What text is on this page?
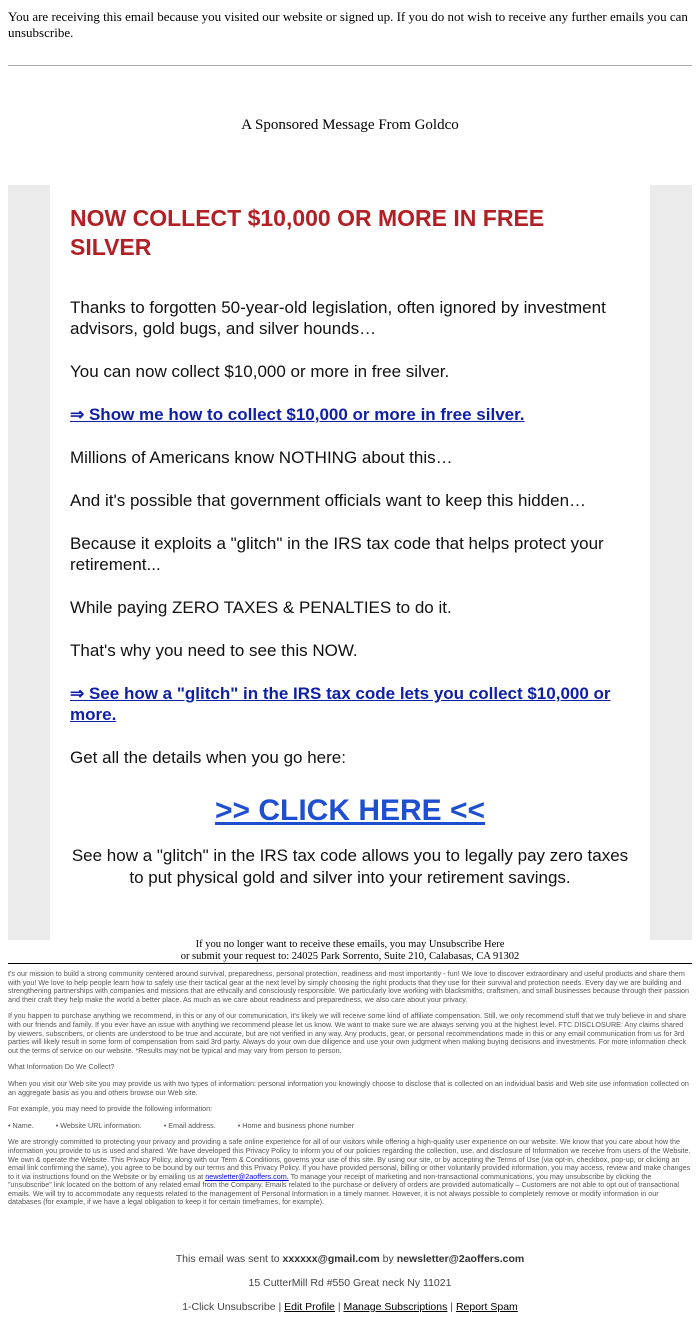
You are receiving this email because you visited our website or signed up. If you do not wish to receive any further emails you can unsubscribe.
A Sponsored Message From Goldco
NOW COLLECT $10,000 OR MORE IN FREE SILVER

Thanks to forgotten 50-year-old legislation, often ignored by investment advisors, gold bugs, and silver hounds…

You can now collect $10,000 or more in free silver.

⇒ Show me how to collect $10,000 or more in free silver.

Millions of Americans know NOTHING about this…

And it's possible that government officials want to keep this hidden…

Because it exploits a "glitch" in the IRS tax code that helps protect your retirement...

While paying ZERO TAXES & PENALTIES to do it.

That's why you need to see this NOW.

⇒ See how a "glitch" in the IRS tax code lets you collect $10,000 or more.

Get all the details when you go here:

>> CLICK HERE <<

See how a "glitch" in the IRS tax code allows you to legally pay zero taxes to put physical gold and silver into your retirement savings.

If you no longer want to receive these emails, you may Unsubscribe Here
or submit your request to: 24025 Park Sorrento, Suite 210, Calabasas, CA 91302

t's our mission to build a strong community centered around survival, preparedness, personal protection, readiness and most importantly - fun! We love to discover extraordinary and useful products and share them with you! We love to help people learn how to safely use their tactical gear at the next level by simply choosing the right products that they use for their survival and protection needs. Every day we are building and strengthening partnerships with companies and missions that are ethically and consciously responsible. We particularly love working with blacksmiths, craftsmen, and small businesses because through their passion and their craft they help make the world a better place. As much as we care about readiness and preparedness, we also care about your privacy.

If you happen to purchase anything we recommend, in this or any of our communication, it's likely we will receive some kind of affiliate compensation. Still, we only recommend stuff that we truly believe in and share with our friends and family. If you ever have an issue with anything we recommend please let us know. We want to make sure we are always serving you at the highest level. FTC DISCLOSURE: Any claims shared by viewers, subscribers, or clients are understood to be true and accurate, but are not verified in any way. Any products, gear, or personal recommendations made in this or any email communication from us for 3rd parties will likely result in some form of compensation from said 3rd party. Always do your own due diligence and use your own judgment when making buying decisions and investments. For more information check out the terms of service on our website. *Results may not be typical and may vary from person to person.

What Information Do We Collect?

When you visit our Web site you may provide us with two types of information: personal information you knowingly choose to disclose that is collected on an individual basis and Web site use information collected on an aggregate basis as you and others browse our Web site.

For example, you may need to provide the following information:

• Name.	• Website URL information.	• Email address.	• Home and business phone number

We are strongly committed to protecting your privacy and providing a safe online experience for all of our visitors while offering a high-quality user experience on our website. We know that you care about how the information you provide to us is used and shared. We have developed this Privacy Policy to inform you of our policies regarding the collection, use, and disclosure of Information we receive from users of the Website. We own & operate the Website. This Privacy Policy, along with our Term & Conditions, governs your use of this site. By using our site, or by accepting the Terms of Use (via opt-in, checkbox, pop-up, or clicking an email link confirming the same), you agree to be bound by our terms and this Privacy Policy. If you have provided personal, billing or other voluntarily provided information, you may access, review and make changes to it via instructions found on the Website or by emailing us at newsletter@2aoffers.com. To manage your receipt of marketing and non-transactional communications, you may unsubscribe by clicking the "unsubscribe" link located on the bottom of any related email from the Company. Emails related to the purchase or delivery of orders are provided automatically – Customers are not able to opt out of transactional emails. We will try to accommodate any requests related to the management of Personal Information in a timely manner. However, it is not always possible to completely remove or modify information in our databases (for example, if we have a legal obligation to keep it for certain timeframes, for example).

This email was sent to xxxxxx@gmail.com by newsletter@2aoffers.com
15 CutterMill Rd #550 Great neck Ny 11021
1-Click Unsubscribe | Edit Profile | Manage Subscriptions | Report Spam
